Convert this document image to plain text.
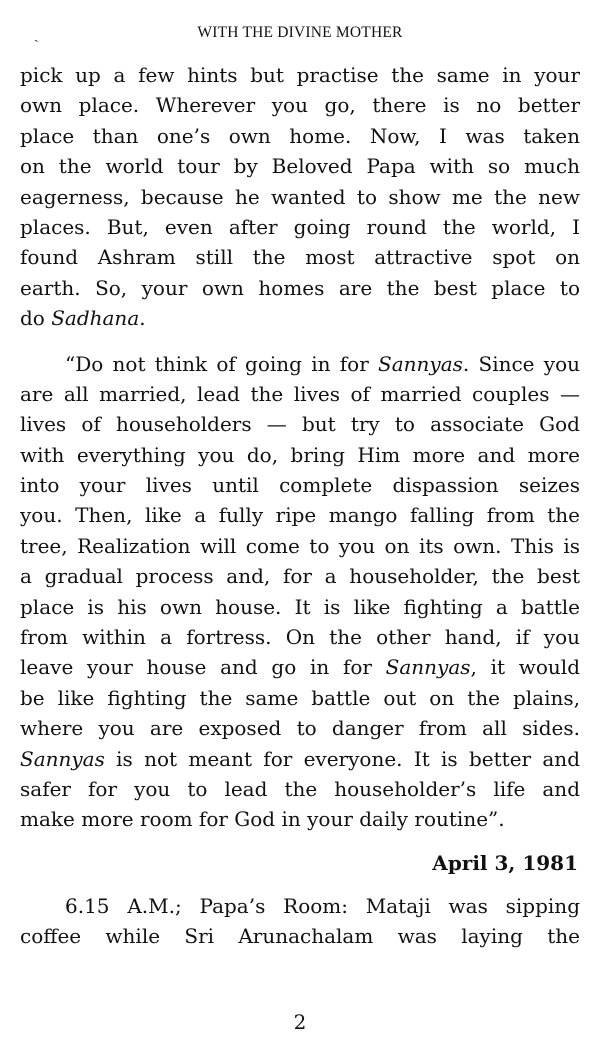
ˏ	WITH THE DIVINE MOTHER
pick up a few hints but practise the same in your
own place. Wherever you go, there is no better
place than one’s own home. Now, I was taken
on the world tour by Beloved Papa with so much
eagerness, because he wanted to show me the new
places. But, even after going round the world, I
found Ashram still the most attractive spot on
earth. So, your own homes are the best place to
do Sadhana.
“Do not think of going in for Sannyas. Since you
are all married, lead the lives of married couples —
lives of householders — but try to associate God
with everything you do, bring Him more and more
into your lives until complete dispassion seizes
you. Then, like a fully ripe mango falling from the
tree, Realization will come to you on its own. This is
a gradual process and, for a householder, the best
place is his own house. It is like fighting a battle
from within a fortress. On the other hand, if you
leave your house and go in for Sannyas, it would
be like fighting the same battle out on the plains,
where you are exposed to danger from all sides.
Sannyas is not meant for everyone. It is better and
safer for you to lead the householder’s life and
make more room for God in your daily routine”.
April 3, 1981
6.15 A.M.; Papa’s Room: Mataji was sipping
coffee while Sri Arunachalam was laying the
2
